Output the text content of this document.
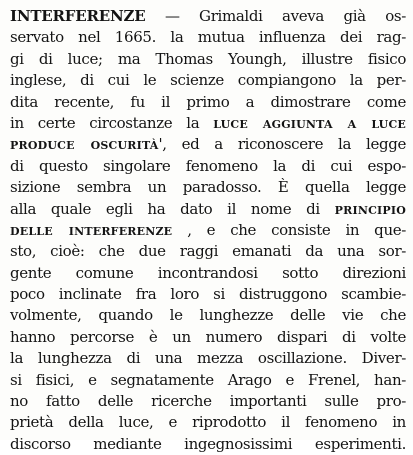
INTERFERENZE — Grimaldi aveva già os-
servato nel 1665. la mutua influenza dei rag-
gi di luce; ma Thomas Youngh, illustre fisico
inglese, di cui le scienze compiangono la per-
dita recente, fu il primo a dimostrare come
in certe circostanze la luce aggiunta a luce
produce oscurità', ed a riconoscere la legge
di questo singolare fenomeno la di cui espo-
sizione sembra un paradosso. È quella legge
alla quale egli ha dato il nome di principio
delle interferenze , e che consiste in que-
sto, cioè: che due raggi emanati da una sor-
gente comune incontrandosi sotto direzioni
poco inclinate fra loro si distruggono scambie-
volmente, quando le lunghezze delle vie che
hanno percorse è un numero dispari di volte
la lunghezza di una mezza oscillazione. Diver-
si fisici, e segnatamente Arago e Frenel, han-
no fatto delle ricerche importanti sulle pro-
prietà della luce, e riprodotto il fenomeno in
discorso mediante ingegnosissimi esperimenti.
